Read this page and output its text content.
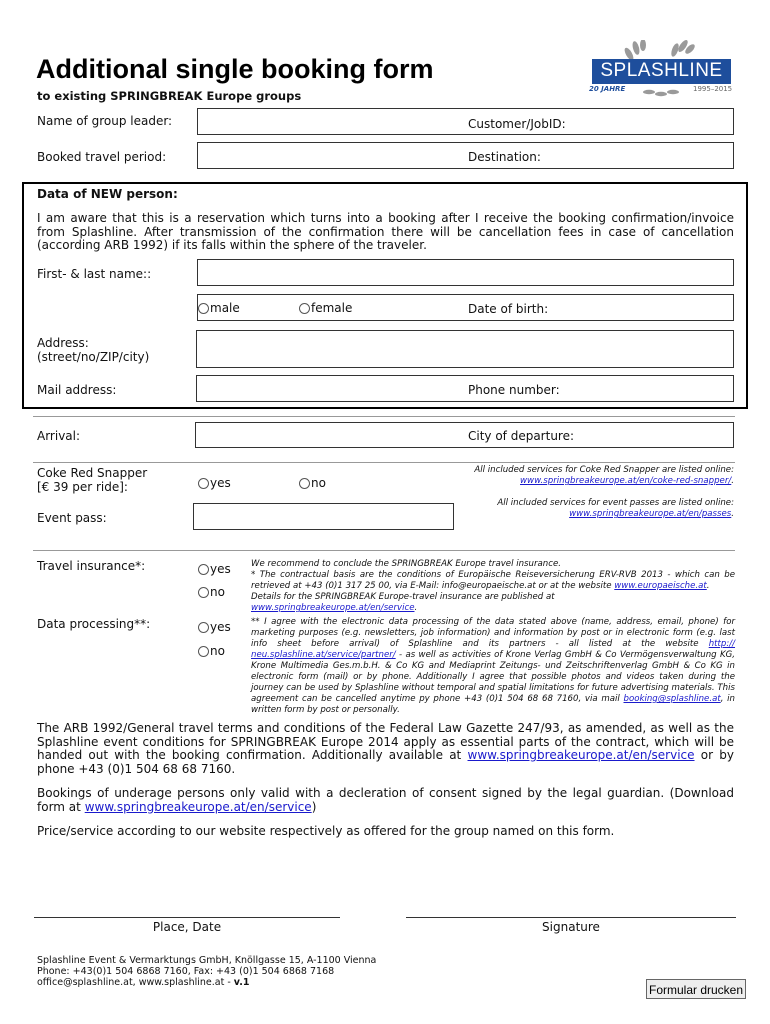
Additional single booking form
to existing SPRINGBREAK Europe groups
SPLASHLINE
20 JAHRE	1995–2015
Name of group leader:	Customer/JobID:
Booked travel period:	Destination:
Data of NEW person:
I am aware that this is a reservation which turns into a booking after I receive the booking confirmation/invoice from Splashline. After transmission of the confirmation there will be cancellation fees in case of cancellation (according ARB 1992) if its falls within the sphere of the traveler.
First- & last name::
male	female	Date of birth:
Address:
(street/no/ZIP/city)
Mail address:	Phone number:
Arrival:	City of departure:
Coke Red Snapper
[€ 39 per ride]:	yes	no
All included services for Coke Red Snapper are listed online:
www.springbreakeurope.at/en/coke-red-snapper/.
Event pass:
All included services for event passes are listed online:
www.springbreakeurope.at/en/passes.
Travel insurance*:	yes
no
We recommend to conclude the SPRINGBREAK Europe travel insurance.
* The contractual basis are the conditions of Europäische Reiseversicherung ERV-RVB 2013 - which can be retrieved at +43 (0)1 317 25 00, via E-Mail: info@europaeische.at or at the website www.europaeische.at.
Details for the SPRINGBREAK Europe-travel insurance are published at
www.springbreakeurope.at/en/service.
Data processing**:	yes
no
** I agree with the electronic data processing of the data stated above (name, address, email, phone) for marketing purposes (e.g. newsletters, job information) and information by post or in electronic form (e.g. last info sheet before arrival) of Splashline and its partners - all listed at the website http:// neu.splashline.at/service/partner/ - as well as activities of Krone Verlag GmbH & Co Vermögensverwaltung KG, Krone Multimedia Ges.m.b.H. & Co KG and Mediaprint Zeitungs- und Zeitschriftenverlag GmbH & Co KG in electronic form (mail) or by phone. Additionally I agree that possible photos and videos taken during the journey can be used by Splashline without temporal and spatial limitations for future advertising materials. This agreement can be cancelled anytime py phone +43 (0)1 504 68 68 7160, via mail booking@splashline.at, in written form by post or personally.
The ARB 1992/General travel terms and conditions of the Federal Law Gazette 247/93, as amended, as well as the Splashline event conditions for SPRINGBREAK Europe 2014 apply as essential parts of the contract, which will be handed out with the booking confirmation. Additionally available at www.springbreakeurope.at/en/service or by phone +43 (0)1 504 68 68 7160.
Bookings of underage persons only valid with a decleration of consent signed by the legal guardian. (Download form at www.springbreakeurope.at/en/service)
Price/service according to our website respectively as offered for the group named on this form.
Place, Date	Signature
Splashline Event & Vermarktungs GmbH, Knöllgasse 15, A-1100 Vienna
Phone: +43(0)1 504 6868 7160, Fax: +43 (0)1 504 6868 7168
office@splashline.at, www.splashline.at - v.1
Formular drucken
